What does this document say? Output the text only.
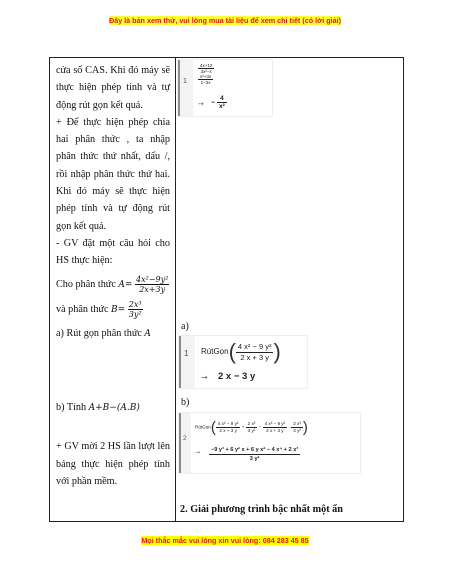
Đây là bản xem thử, vui lòng mua tài liệu để xem chi tiết (có lời giải)

cửa sổ CAS. Khi đó máy sẽ thực hiện phép tính và tự động rút gọn kết quả.

+ Để thực hiện phép chia hai phân thức , ta nhập phân thức thứ nhất, dấu /, rồi nhập phân thức thứ hai. Khi đó máy sẽ thực hiện phép tính và tự động rút gọn kết quả.

- GV đặt một câu hỏi cho HS thực hiện:

Cho phân thức $A= \frac{\text{4x²−9y²}}{2x+3y}$

và phân thức $B= \frac{\text{2x³}}{\text{3y²}}$

a) Rút gọn phân thức A

b) Tính A+B−(A.B)

+ GV mời 2 HS lần lượt lên bảng thực hiện phép tính với phần mềm.

1
$\frac{4x+12}{\text{3x²−x}}$

$\frac{\text{x²+3x}}{1-3x}$
→ − $\frac{4}{\text{x²}}$
a)
1 RútGọn( $\frac{\text{4 x² − 9 y²}}{2 x + 3 y}$ )
→ 2 x − 3 y
b)
2
RútGọn( $\frac{\text{4 x² − 9 y²}}{2 x + 3 y} + \frac{\text{2 x³}}{\text{3 y²}} - \frac{\text{4 x² − 9 y²}}{2 x + 3 y} \cdot \frac{\text{2 x³}}{\text{3 y²}}$ )
→ $\frac{\text{−9 y³ + 6 y² x + 6 y x² − 4 x⁴ + 2 x³}}{\text{3 y²}}$
2. Giải phương trình bậc nhất một ẩn
Mọi thắc mắc vui lòng xin vui lòng: 084 283 45 85
